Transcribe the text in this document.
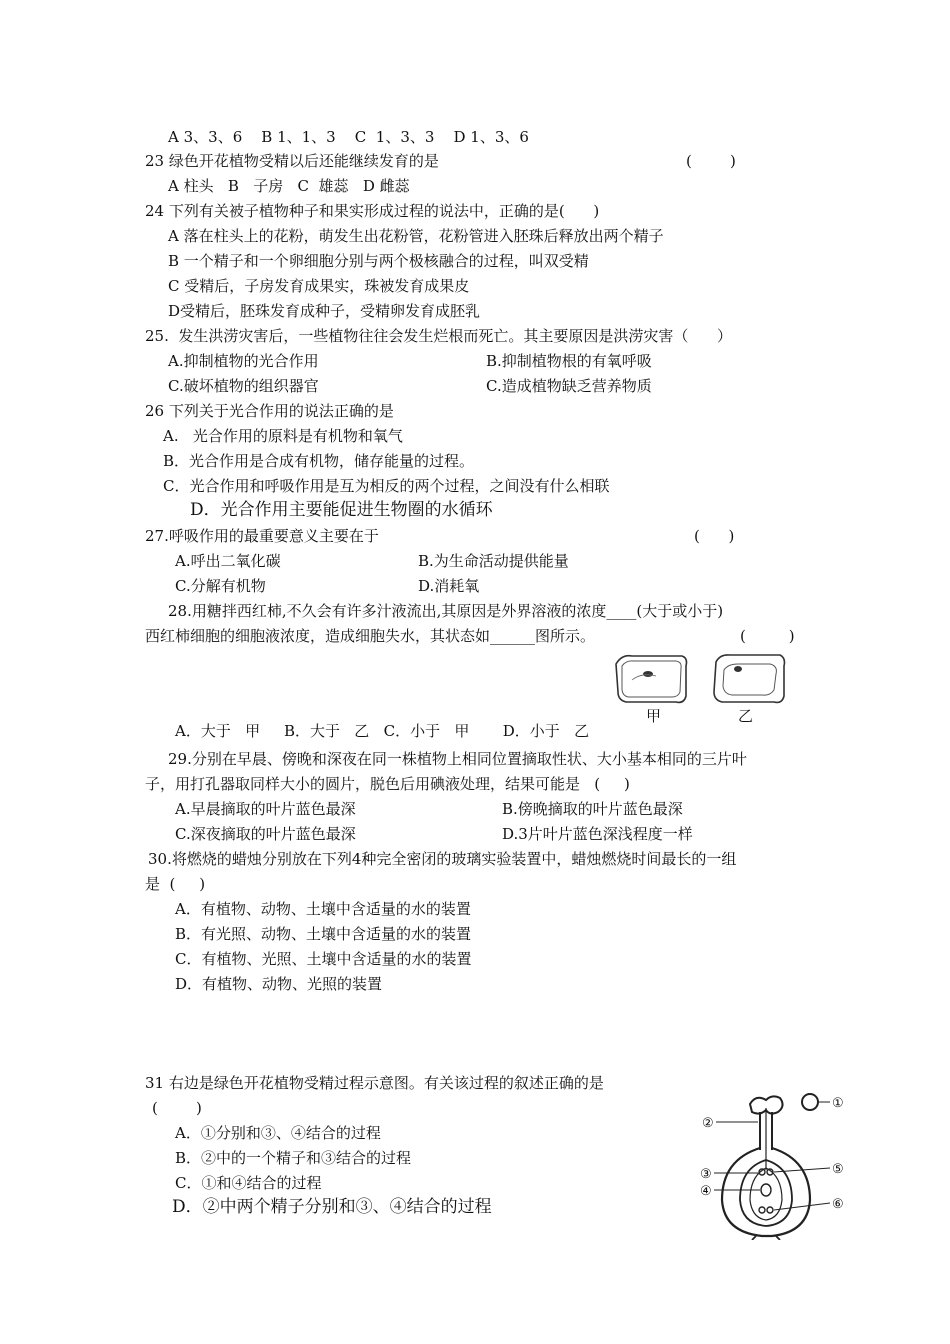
A 3、3、6    B 1、1、3    C  1、3、3    D 1、3、6
23 绿色开花植物受精以后还能继续发育的是	(        )
A 柱头   B   子房   C  雄蕊   D 雌蕊
24 下列有关被子植物种子和果实形成过程的说法中，正确的是(      )
A 落在柱头上的花粉，萌发生出花粉管，花粉管进入胚珠后释放出两个精子
B 一个精子和一个卵细胞分别与两个极核融合的过程，叫双受精
C 受精后，子房发育成果实，珠被发育成果皮
D受精后，胚珠发育成种子，受精卵发育成胚乳
25.  发生洪涝灾害后，一些植物往往会发生烂根而死亡。其主要原因是洪涝灾害（      ）
A.抑制植物的光合作用	B.抑制植物根的有氧呼吸
C.破坏植物的组织器官	C.造成植物缺乏营养物质
26 下列关于光合作用的说法正确的是
A.   光合作用的原料是有机物和氧气
B．光合作用是合成有机物，储存能量的过程。
C．光合作用和呼吸作用是互为相反的两个过程，之间没有什么相联
D．光合作用主要能促进生物圈的水循环
27.呼吸作用的最重要意义主要在于	(      )
A.呼出二氧化碳	B.为生命活动提供能量
C.分解有机物	D.消耗氧
28.用糖拌西红柿,不久会有许多汁液流出,其原因是外界溶液的浓度____(大于或小于)
西红柿细胞的细胞液浓度，造成细胞失水，其状态如______图所示。	(         )
甲	乙
A．大于   甲     B．大于   乙   C．小于   甲       D．小于   乙
29.分别在早晨、傍晚和深夜在同一株植物上相同位置摘取性状、大小基本相同的三片叶
子，用打孔器取同样大小的圆片，脱色后用碘液处理，结果可能是   (     )
A.早晨摘取的叶片蓝色最深	B.傍晚摘取的叶片蓝色最深
C.深夜摘取的叶片蓝色最深	D.3片叶片蓝色深浅程度一样
30.将燃烧的蜡烛分别放在下列4种完全密闭的玻璃实验装置中，蜡烛燃烧时间最长的一组
是  (     )
A．有植物、动物、土壤中含适量的水的装置
B．有光照、动物、土壤中含适量的水的装置
C．有植物、光照、土壤中含适量的水的装置
D．有植物、动物、光照的装置
31 右边是绿色开花植物受精过程示意图。有关该过程的叙述正确的是
(        )
A．①分别和③、④结合的过程
B．②中的一个精子和③结合的过程
C．①和④结合的过程
D．②中两个精子分别和③、④结合的过程
①
②
③
④
⑤
⑥
